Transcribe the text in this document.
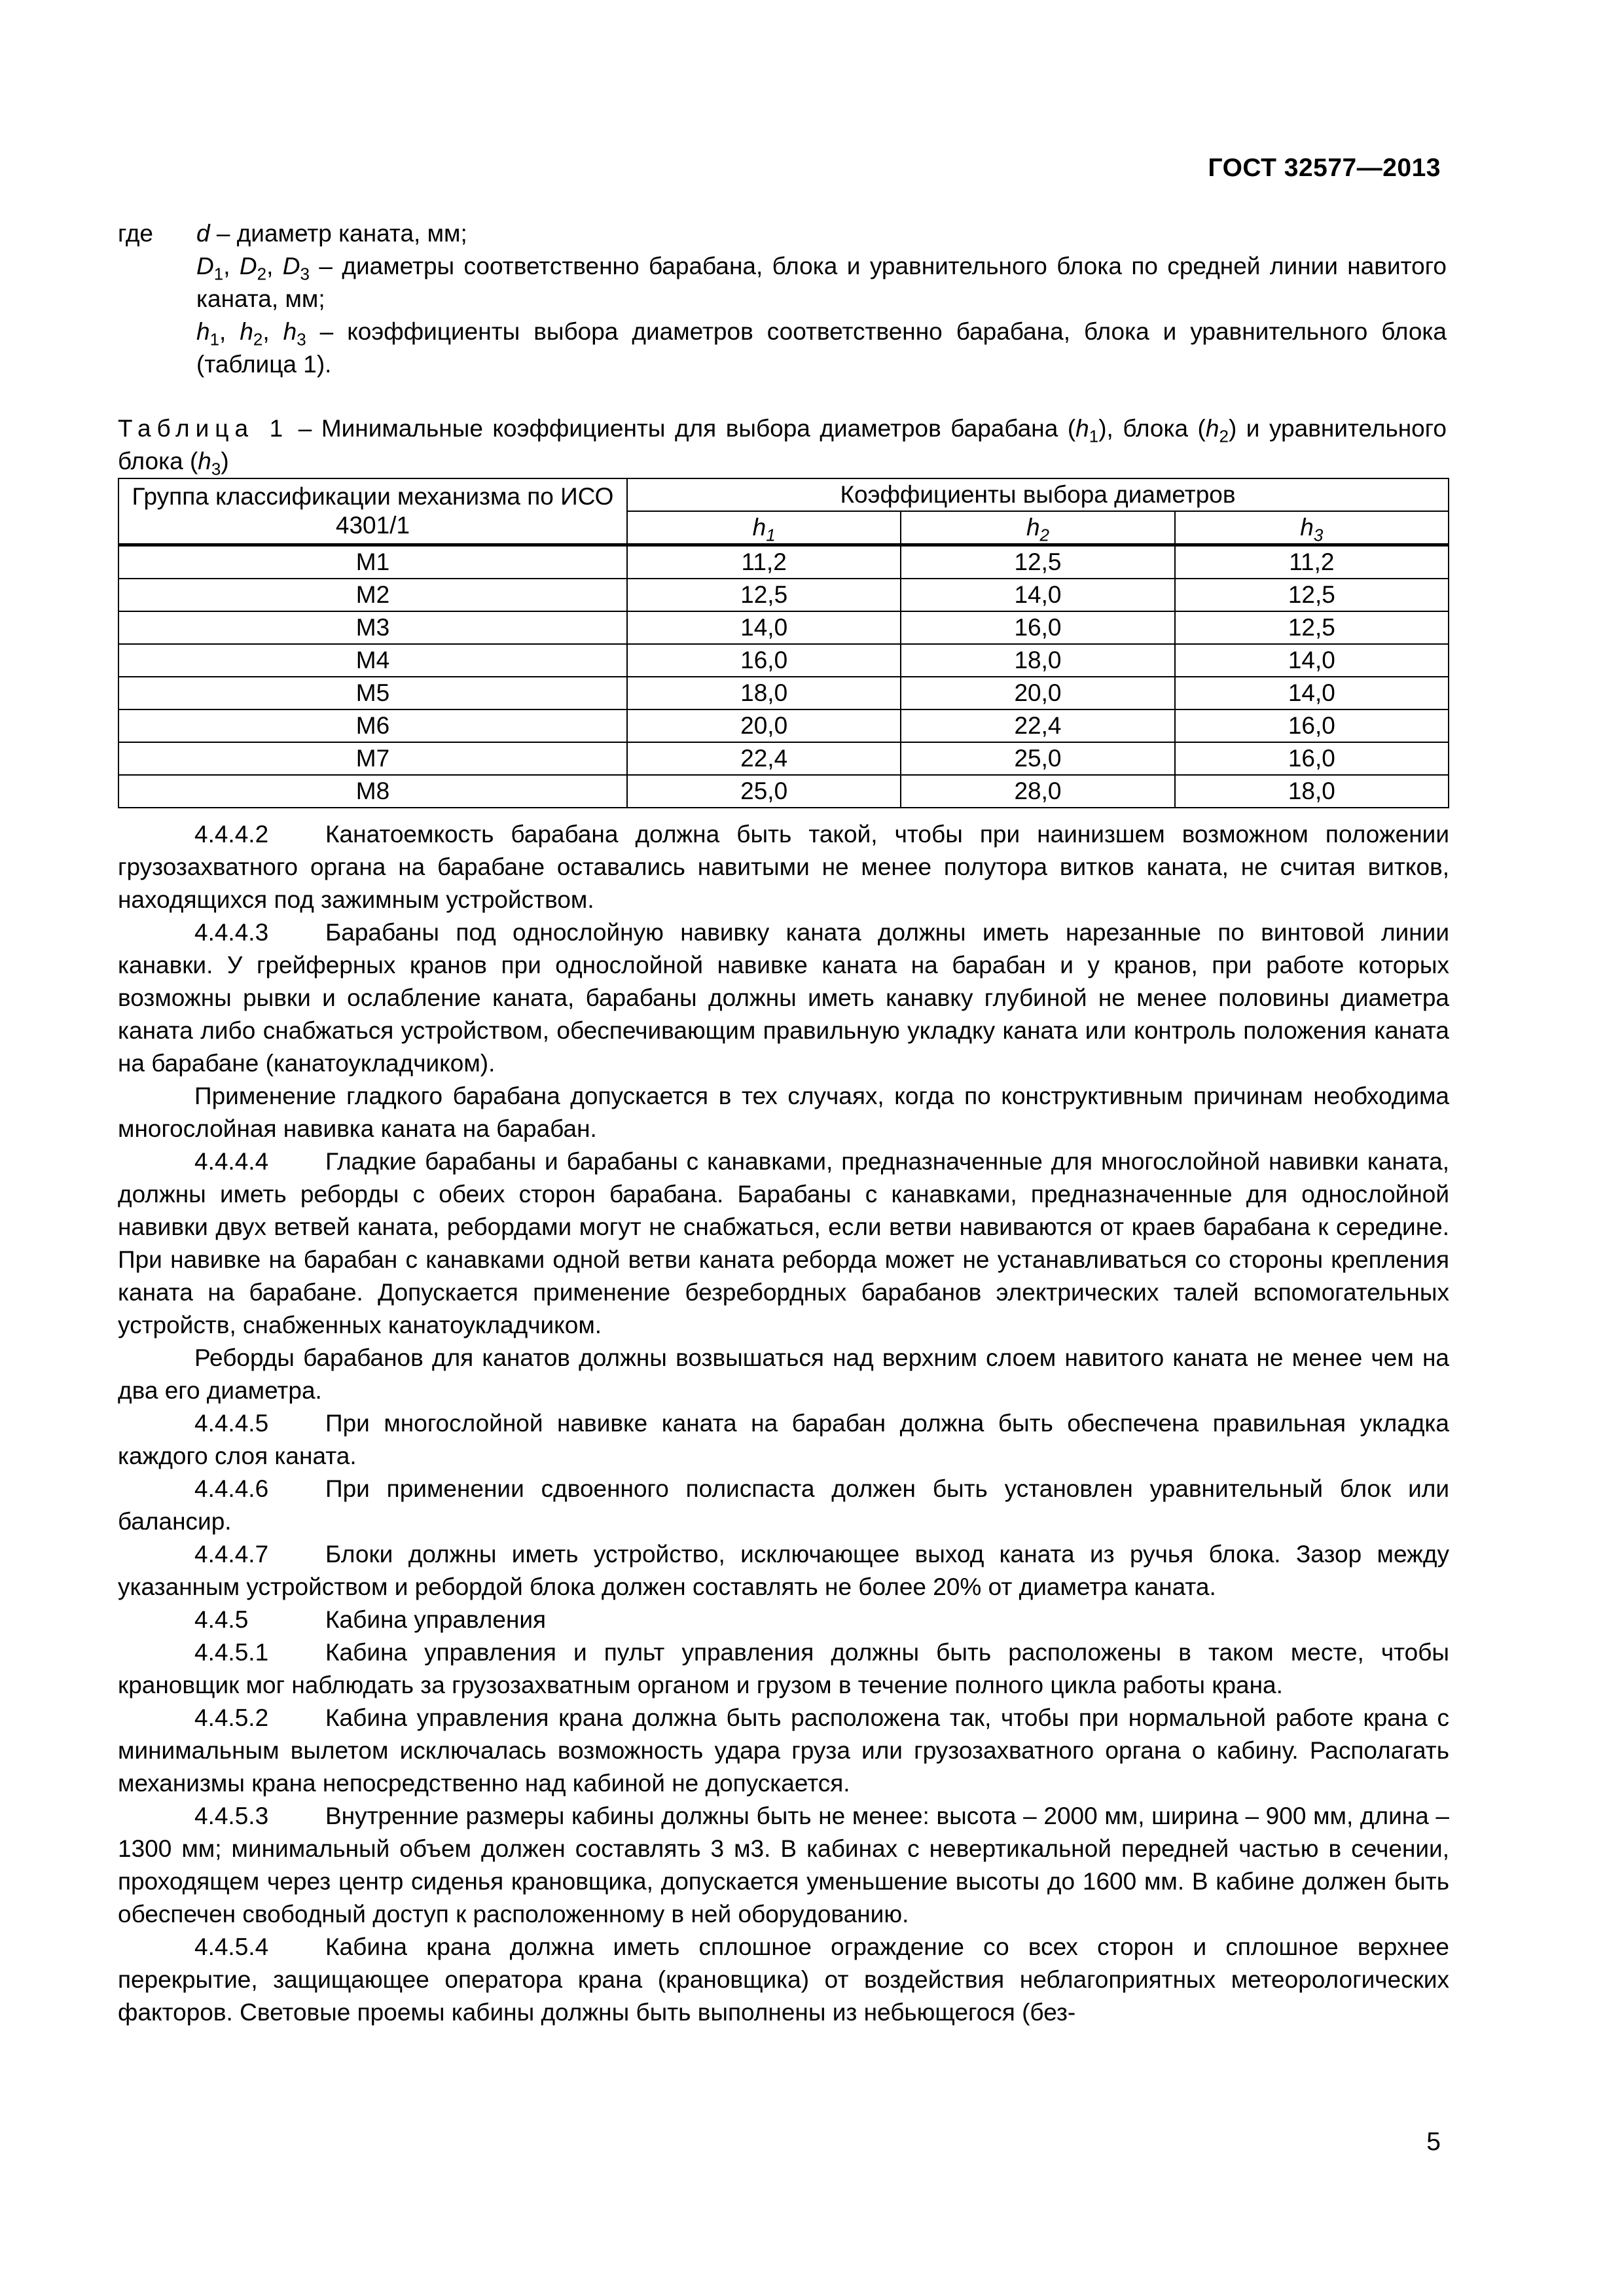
ГОСТ 32577—2013
где	d – диаметр каната, мм;
$D_1$, $D_2$, $D_3$ – диаметры соответственно барабана, блока и уравнительного блока по средней линии навитого каната, мм;
$h_1$, $h_2$, $h_3$ – коэффициенты выбора диаметров соответственно барабана, блока и уравнительного блока (таблица 1).
Таблица 1 – Минимальные коэффициенты для выбора диаметров барабана $(h_1)$, блока $(h_2)$ и уравнительного блока $(h_3)$
Группа классификации механизма по ИСО 4301/1	Коэффициенты выбора диаметров		
	$h_1$	$h_2$	$h_3$
М1	11,2	12,5	11,2
М2	12,5	14,0	12,5
М3	14,0	16,0	12,5
М4	16,0	18,0	14,0
М5	18,0	20,0	14,0
М6	20,0	22,4	16,0
М7	22,4	25,0	16,0
М8	25,0	28,0	18,0

4.4.4.2 Канатоемкость барабана должна быть такой, чтобы при наинизшем возможном положении грузозахватного органа на барабане оставались навитыми не менее полутора витков каната, не считая витков, находящихся под зажимным устройством.

4.4.4.3 Барабаны под однослойную навивку каната должны иметь нарезанные по винтовой линии канавки. У грейферных кранов при однослойной навивке каната на барабан и у кранов, при работе которых возможны рывки и ослабление каната, барабаны должны иметь канавку глубиной не менее половины диаметра каната либо снабжаться устройством, обеспечивающим правильную укладку каната или контроль положения каната на барабане (канатоукладчиком).

Применение гладкого барабана допускается в тех случаях, когда по конструктивным причинам необходима многослойная навивка каната на барабан.

4.4.4.4 Гладкие барабаны и барабаны с канавками, предназначенные для многослойной навивки каната, должны иметь реборды с обеих сторон барабана. Барабаны с канавками, предназначенные для однослойной навивки двух ветвей каната, ребордами могут не снабжаться, если ветви навиваются от краев барабана к середине. При навивке на барабан с канавками одной ветви каната реборда может не устанавливаться со стороны крепления каната на барабане. Допускается применение безребордных барабанов электрических талей вспомогательных устройств, снабженных канатоукладчиком.

Реборды барабанов для канатов должны возвышаться над верхним слоем навитого каната не менее чем на два его диаметра.

4.4.4.5 При многослойной навивке каната на барабан должна быть обеспечена правильная укладка каждого слоя каната.

4.4.4.6 При применении сдвоенного полиспаста должен быть установлен уравнительный блок или балансир.

4.4.4.7 Блоки должны иметь устройство, исключающее выход каната из ручья блока. Зазор между указанным устройством и ребордой блока должен составлять не более 20% от диаметра каната.

4.4.5	Кабина управления

4.4.5.1 Кабина управления и пульт управления должны быть расположены в таком месте, чтобы крановщик мог наблюдать за грузозахватным органом и грузом в течение полного цикла работы крана.

4.4.5.2 Кабина управления крана должна быть расположена так, чтобы при нормальной работе крана с минимальным вылетом исключалась возможность удара груза или грузозахватного органа о кабину. Располагать механизмы крана непосредственно над кабиной не допускается.

4.4.5.3 Внутренние размеры кабины должны быть не менее: высота – 2000 мм, ширина – 900 мм, длина – 1300 мм; минимальный объем должен составлять 3 м3. В кабинах с невертикальной передней частью в сечении, проходящем через центр сиденья крановщика, допускается уменьшение высоты до 1600 мм. В кабине должен быть обеспечен свободный доступ к расположенному в ней оборудованию.

4.4.5.4 Кабина крана должна иметь сплошное ограждение со всех сторон и сплошное верхнее перекрытие, защищающее оператора крана (крановщика) от воздействия неблагоприятных метеорологических факторов. Световые проемы кабины должны быть выполнены из небьющегося (без-

5
